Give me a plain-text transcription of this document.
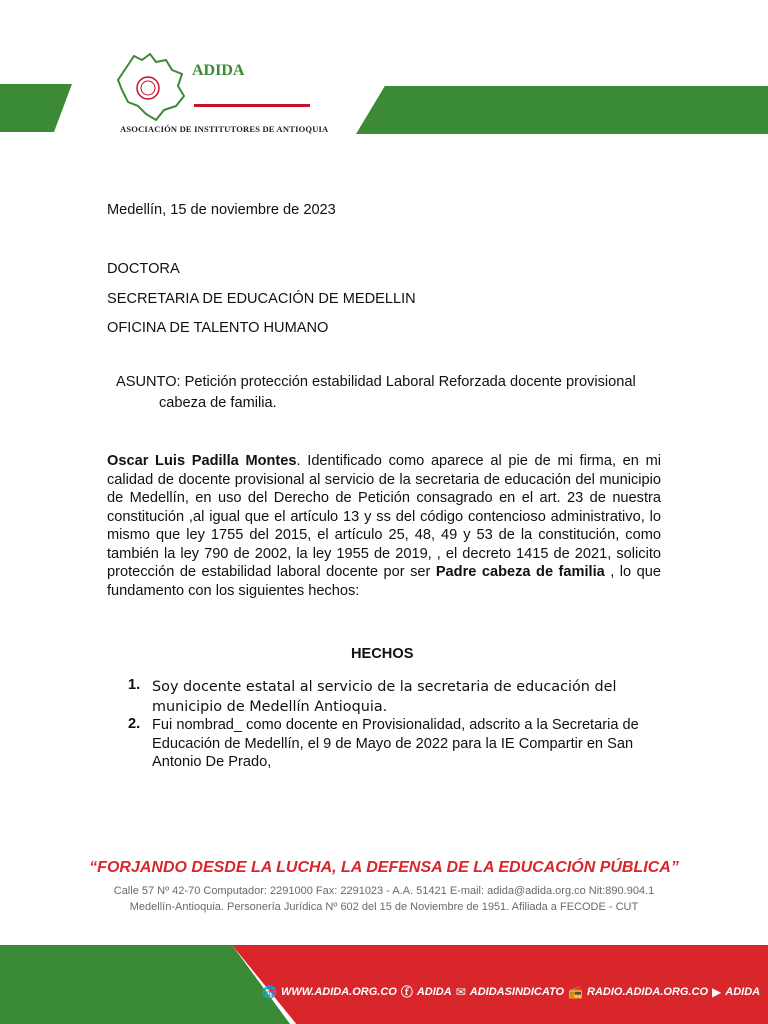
ADIDA
ASOCIACIÓN DE INSTITUTORES DE ANTIOQUIA
Medellín, 15 de noviembre de 2023
DOCTORA
SECRETARIA DE EDUCACIÓN DE MEDELLIN
OFICINA DE TALENTO HUMANO
ASUNTO: Petición protección estabilidad Laboral Reforzada docente provisional
cabeza de familia.
Oscar Luis Padilla Montes. Identificado como aparece al pie de mi firma, en mi calidad de docente provisional al servicio de la secretaria de educación del municipio de Medellín, en uso del Derecho de Petición consagrado en el art. 23 de nuestra constitución ,al igual que el artículo 13 y ss del código contencioso administrativo, lo mismo que ley 1755 del 2015, el artículo 25, 48, 49 y 53 de la constitución, como también la ley 790 de 2002, la ley 1955 de 2019, , el decreto 1415 de 2021, solicito protección de estabilidad laboral docente por ser Padre cabeza de familia , lo que fundamento con los siguientes hechos:
HECHOS
1. Soy docente estatal al servicio de la secretaria de educación del municipio de Medellín Antioquia.
2. Fui nombrad_ como docente en Provisionalidad, adscrito a la Secretaria de Educación de Medellín, el 9 de Mayo de 2022 para la IE Compartir en San Antonio De Prado,
“FORJANDO DESDE LA LUCHA, LA DEFENSA DE LA EDUCACIÓN PÚBLICA”
Calle 57 Nº 42-70 Computador: 2291000 Fax: 2291023 - A.A. 51421 E-mail: adida@adida.org.co Nit:890.904.1
Medellín-Antioquia. Personería Jurídica Nº 602 del 15 de Noviembre de 1951. Afiliada a FECODE - CUT
🌐 WWW.ADIDA.ORG.CO ⓕ ADIDA ✉ ADIDASINDICATO 📻 RADIO.ADIDA.ORG.CO ▶ ADIDA
